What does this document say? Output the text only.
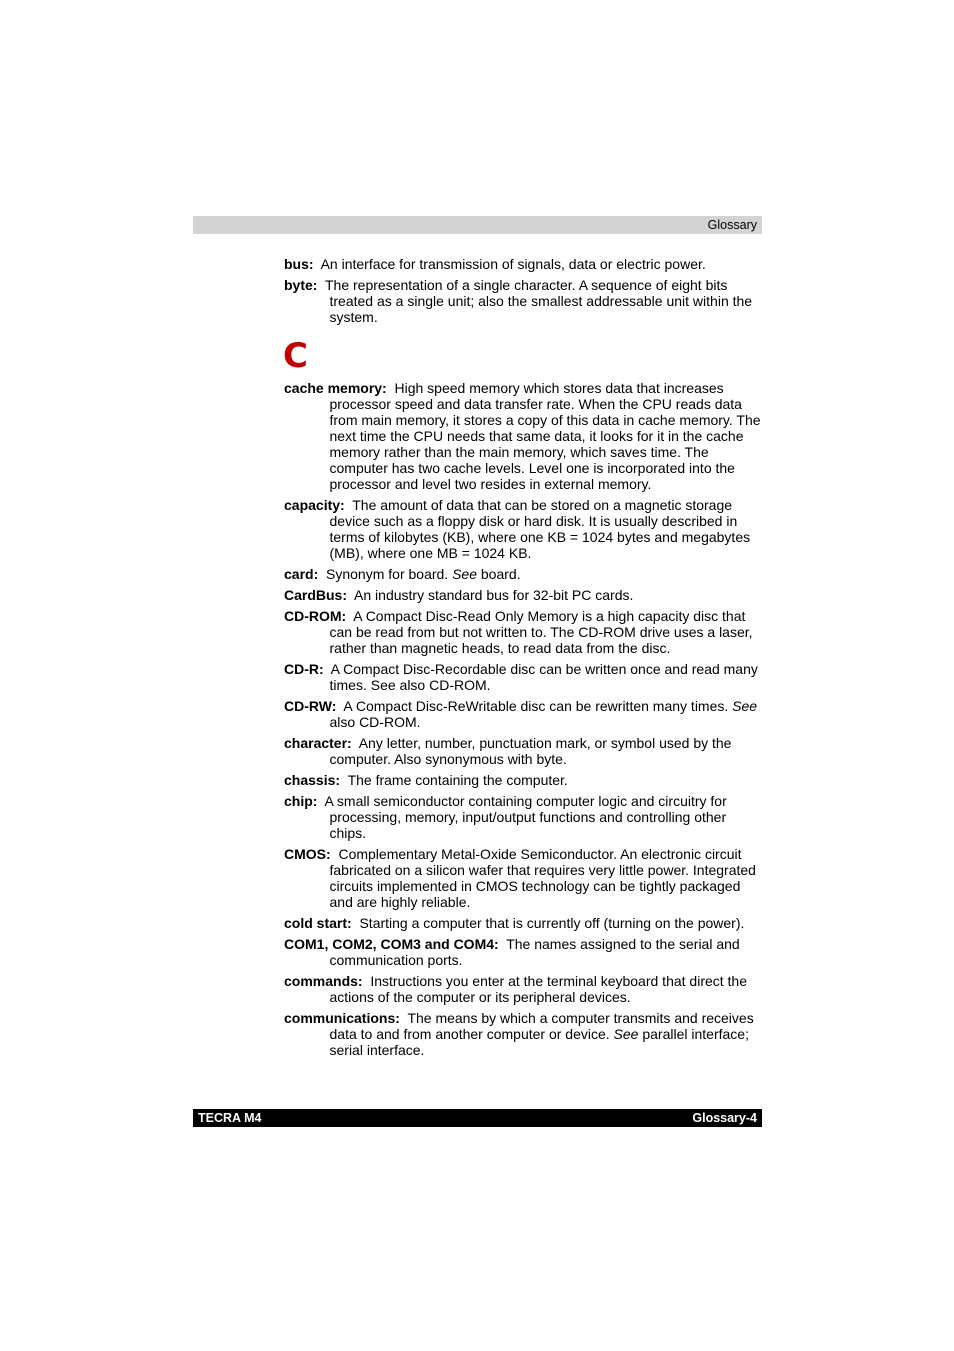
Glossary

bus: An interface for transmission of signals, data or electric power.

byte: The representation of a single character. A sequence of eight bits treated as a single unit; also the smallest addressable unit within the system.

C

cache memory: High speed memory which stores data that increases processor speed and data transfer rate. When the CPU reads data from main memory, it stores a copy of this data in cache memory. The next time the CPU needs that same data, it looks for it in the cache memory rather than the main memory, which saves time. The computer has two cache levels. Level one is incorporated into the processor and level two resides in external memory.

capacity: The amount of data that can be stored on a magnetic storage device such as a floppy disk or hard disk. It is usually described in terms of kilobytes (KB), where one KB = 1024 bytes and megabytes (MB), where one MB = 1024 KB.

card: Synonym for board. See board.

CardBus: An industry standard bus for 32-bit PC cards.

CD-ROM: A Compact Disc-Read Only Memory is a high capacity disc that can be read from but not written to. The CD-ROM drive uses a laser, rather than magnetic heads, to read data from the disc.

CD-R: A Compact Disc-Recordable disc can be written once and read many times. See also CD-ROM.

CD-RW: A Compact Disc-ReWritable disc can be rewritten many times. See also CD-ROM.

character: Any letter, number, punctuation mark, or symbol used by the computer. Also synonymous with byte.

chassis: The frame containing the computer.

chip: A small semiconductor containing computer logic and circuitry for processing, memory, input/output functions and controlling other chips.

CMOS: Complementary Metal-Oxide Semiconductor. An electronic circuit fabricated on a silicon wafer that requires very little power. Integrated circuits implemented in CMOS technology can be tightly packaged and are highly reliable.

cold start: Starting a computer that is currently off (turning on the power).

COM1, COM2, COM3 and COM4: The names assigned to the serial and communication ports.

commands: Instructions you enter at the terminal keyboard that direct the actions of the computer or its peripheral devices.

communications: The means by which a computer transmits and receives data to and from another computer or device. See parallel interface; serial interface.

TECRA M4	Glossary-4
